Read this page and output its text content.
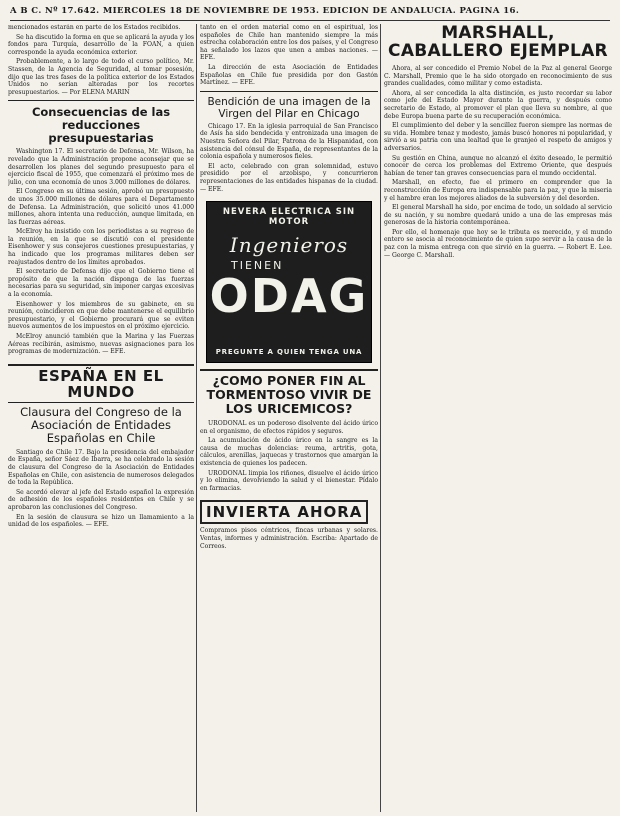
A B C. Nº 17.642. MIERCOLES 18 DE NOVIEMBRE DE 1953. EDICION DE ANDALUCIA. PAGINA 16.

mencionados estarán en parte de los Estados recibidos.

Se ha discutido la forma en que se aplicará la ayuda y los fondos para Turquía, desarrollo de la FOAN, a quien corresponde la ayuda económica exterior.

Probablemente, a lo largo de todo el curso político, Mr. Stassen, de la Agencia de Seguridad, al tomar posesión, dijo que las tres fases de la política exterior de los Estados Unidos no serían alteradas por los recortes presupuestarios. — Por ELENA MARIN

Consecuencias de las reducciones presupuestarias

Washington 17. El secretario de Defensa, Mr. Wilson, ha revelado que la Administración propone aconsejar que se desarrollen los planes del segundo presupuesto para el ejercicio fiscal de 1955, que comenzará el próximo mes de julio, con una economía de unos 3.000 millones de dólares.

El Congreso en su última sesión, aprobó un presupuesto de unos 35.000 millones de dólares para el Departamento de Defensa. La Administración, que solicitó unos 41.000 millones, ahora intenta una reducción, aunque limitada, en las fuerzas aéreas.

McElroy ha insistido con los periodistas a su regreso de la reunión, en la que se discutió con el presidente Eisenhower y sus consejeros cuestiones presupuestarias, y ha indicado que los programas militares deben ser reajustados dentro de los límites aprobados.

El secretario de Defensa dijo que el Gobierno tiene el propósito de que la nación disponga de las fuerzas necesarias para su seguridad, sin imponer cargas excesivas a la economía.

Eisenhower y los miembros de su gabinete, en su reunión, coincidieron en que debe mantenerse el equilibrio presupuestario, y el Gobierno procurará que se eviten nuevos aumentos de los impuestos en el próximo ejercicio.

McElroy anunció también que la Marina y las Fuerzas Aéreas recibirán, asimismo, nuevas asignaciones para los programas de modernización. — EFE.

ESPAÑA EN EL MUNDO
Clausura del Congreso de la Asociación de Entidades Españolas en Chile

Santiago de Chile 17. Bajo la presidencia del embajador de España, señor Sáez de Ibarra, se ha celebrado la sesión de clausura del Congreso de la Asociación de Entidades Españolas en Chile, con asistencia de numerosos delegados de toda la República.

Se acordó elevar al jefe del Estado español la expresión de adhesión de los españoles residentes en Chile y se aprobaron las conclusiones del Congreso.

En la sesión de clausura se hizo un llamamiento a la unidad de los españoles. — EFE.

tanto en el orden material como en el espiritual, los españoles de Chile han mantenido siempre la más estrecha colaboración entre los dos países, y el Congreso ha señalado los lazos que unen a ambas naciones. — EFE.

La dirección de esta Asociación de Entidades Españolas en Chile fue presidida por don Gastón Martínez. — EFE.

Bendición de una imagen de la Virgen del Pilar en Chicago

Chicago 17. En la iglesia parroquial de San Francisco de Asís ha sido bendecida y entronizada una imagen de Nuestra Señora del Pilar, Patrona de la Hispanidad, con asistencia del cónsul de España, de representantes de la colonia española y numerosos fieles.

El acto, celebrado con gran solemnidad, estuvo presidido por el arzobispo, y concurrieron representaciones de las entidades hispanas de la ciudad. — EFE.

NEVERA ELECTRICA SIN MOTOR
Ingenieros
TIENEN
ODAG
PREGUNTE A QUIEN TENGA UNA
¿COMO PONER FIN AL TORMENTOSO VIVIR DE LOS URICEMICOS?

URODONAL es un poderoso disolvente del ácido úrico en el organismo, de efectos rápidos y seguros.

La acumulación de ácido úrico en la sangre es la causa de muchas dolencias: reuma, artritis, gota, cálculos, arenillas, jaquecas y trastornos que amargan la existencia de quienes los padecen.

URODONAL limpia los riñones, disuelve el ácido úrico y lo elimina, devolviendo la salud y el bienestar. Pídalo en farmacias.

INVIERTA AHORA

Compramos pisos céntricos, fincas urbanas y solares. Ventas, informes y administración. Escriba: Apartado de Correos.

MARSHALL, CABALLERO EJEMPLAR

Ahora, al ser concedido el Premio Nobel de la Paz al general George C. Marshall, Premio que le ha sido otorgado en reconocimiento de sus grandes cualidades, como militar y como estadista.

Ahora, al ser concedida la alta distinción, es justo recordar su labor como jefe del Estado Mayor durante la guerra, y después como secretario de Estado, al promover el plan que lleva su nombre, al que debe Europa buena parte de su recuperación económica.

El cumplimiento del deber y la sencillez fueron siempre las normas de su vida. Hombre tenaz y modesto, jamás buscó honores ni popularidad, y sirvió a su patria con una lealtad que le granjeó el respeto de amigos y adversarios.

Su gestión en China, aunque no alcanzó el éxito deseado, le permitió conocer de cerca los problemas del Extremo Oriente, que después habían de tener tan graves consecuencias para el mundo occidental.

Marshall, en efecto, fue el primero en comprender que la reconstrucción de Europa era indispensable para la paz, y que la miseria y el hambre eran los mejores aliados de la subversión y del desorden.

El general Marshall ha sido, por encima de todo, un soldado al servicio de su nación, y su nombre quedará unido a una de las empresas más generosas de la historia contemporánea.

Por ello, el homenaje que hoy se le tributa es merecido, y el mundo entero se asocia al reconocimiento de quien supo servir a la causa de la paz con la misma entrega con que sirvió en la guerra. — Robert E. Lee. — George C. Marshall.
